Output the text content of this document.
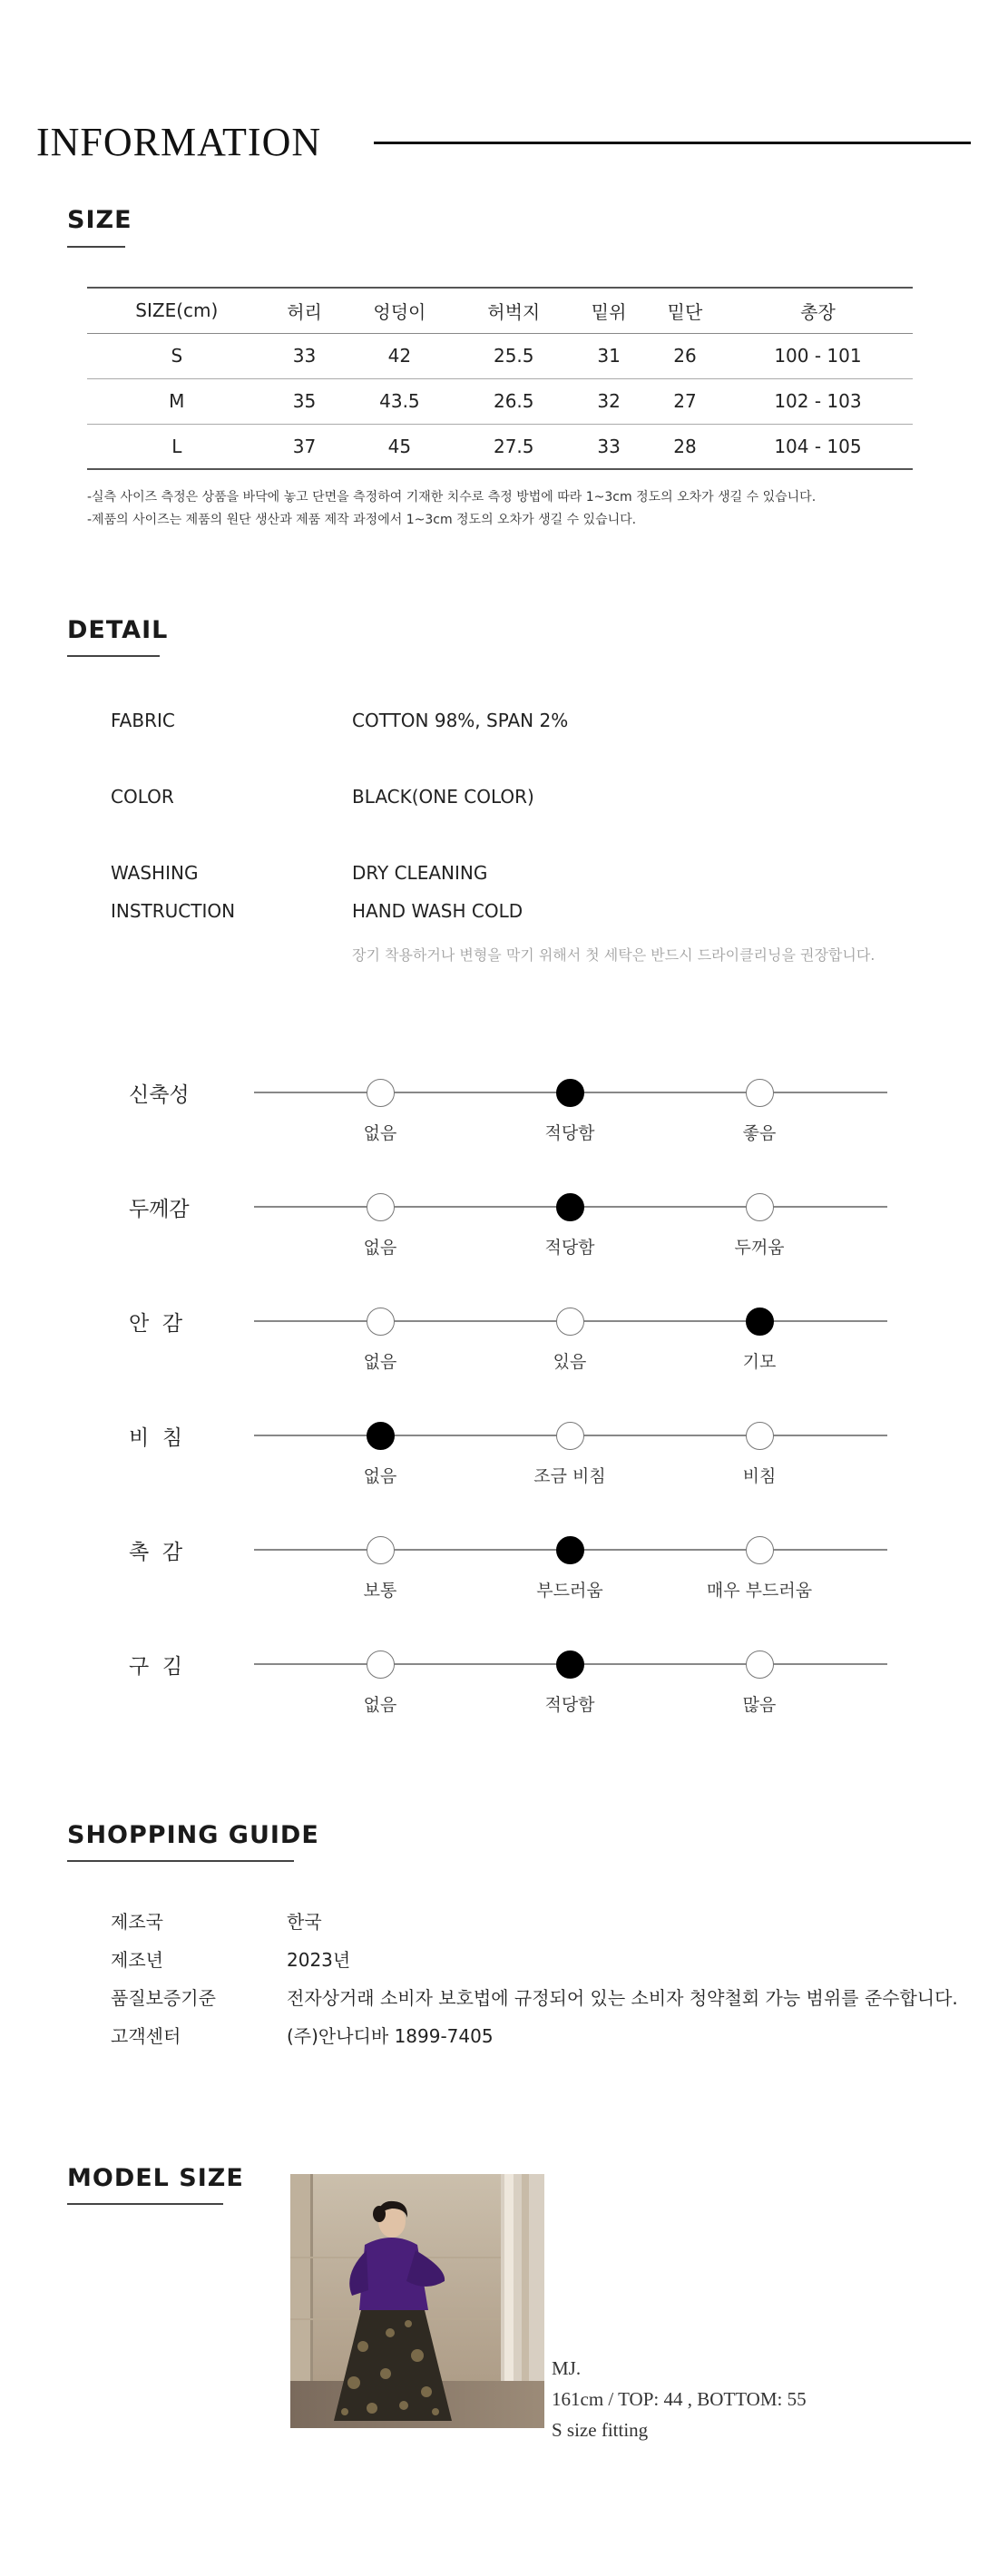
INFORMATION
SIZE
SIZE(cm)	허리	엉덩이	허벅지	밑위	밑단	총장
S	33	42	25.5	31	26	100 - 101
M	35	43.5	26.5	32	27	102 - 103
L	37	45	27.5	33	28	104 - 105
-실측 사이즈 측정은 상품을 바닥에 놓고 단면을 측정하여 기재한 치수로 측정 방법에 따라 1~3cm 정도의 오차가 생길 수 있습니다.
-제품의 사이즈는 제품의 원단 생산과 제품 제작 과정에서 1~3cm 정도의 오차가 생길 수 있습니다.
DETAIL
FABRIC	COTTON 98%, SPAN 2%
COLOR	BLACK(ONE COLOR)
WASHING	DRY CLEANING
INSTRUCTION	HAND WASH COLD
장기 착용하거나 변형을 막기 위해서 첫 세탁은 반드시 드라이클리닝을 권장합니다.
신축성
없음	적당함	좋음
두께감
없음	적당함	두꺼움
안  감
없음	있음	기모
비  침
없음	조금 비침	비침
촉  감
보통	부드러움	매우 부드러움
구  김
없음	적당함	많음
SHOPPING GUIDE
제조국	한국
제조년	2023년
품질보증기준	전자상거래 소비자 보호법에 규정되어 있는 소비자 청약철회 가능 범위를 준수합니다.
고객센터	(주)안나디바 1899-7405
MODEL SIZE
MJ.
161cm / TOP: 44 , BOTTOM: 55
S size fitting
